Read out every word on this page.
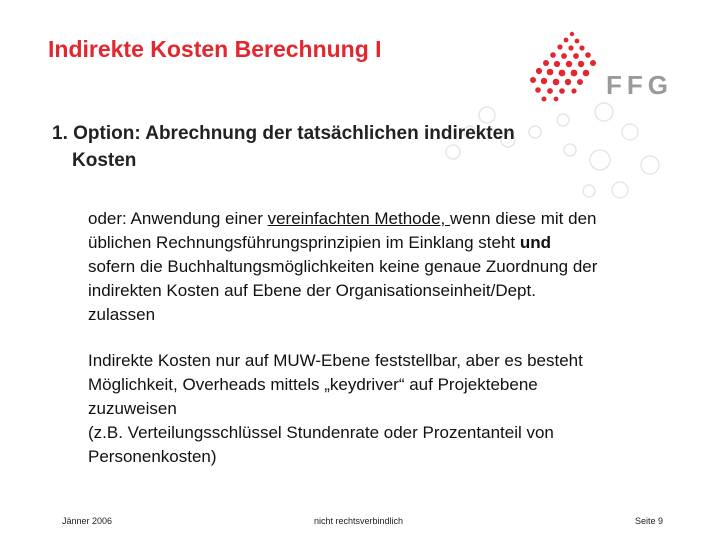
FFG
Indirekte Kosten Berechnung I
1. Option: Abrechnung der tatsächlichen indirekten
Kosten
oder: Anwendung einer vereinfachten Methode, wenn diese mit den
üblichen Rechnungsführungsprinzipien im Einklang steht und
sofern die Buchhaltungsmöglichkeiten keine genaue Zuordnung der
indirekten Kosten auf Ebene der Organisationseinheit/Dept.
zulassen
Indirekte Kosten nur auf MUW-Ebene feststellbar, aber es besteht
Möglichkeit, Overheads mittels „keydriver“ auf Projektebene
zuzuweisen
(z.B. Verteilungsschlüssel Stundenrate oder Prozentanteil von
Personenkosten)
Jänner 2006	nicht rechtsverbindlich	Seite 9
